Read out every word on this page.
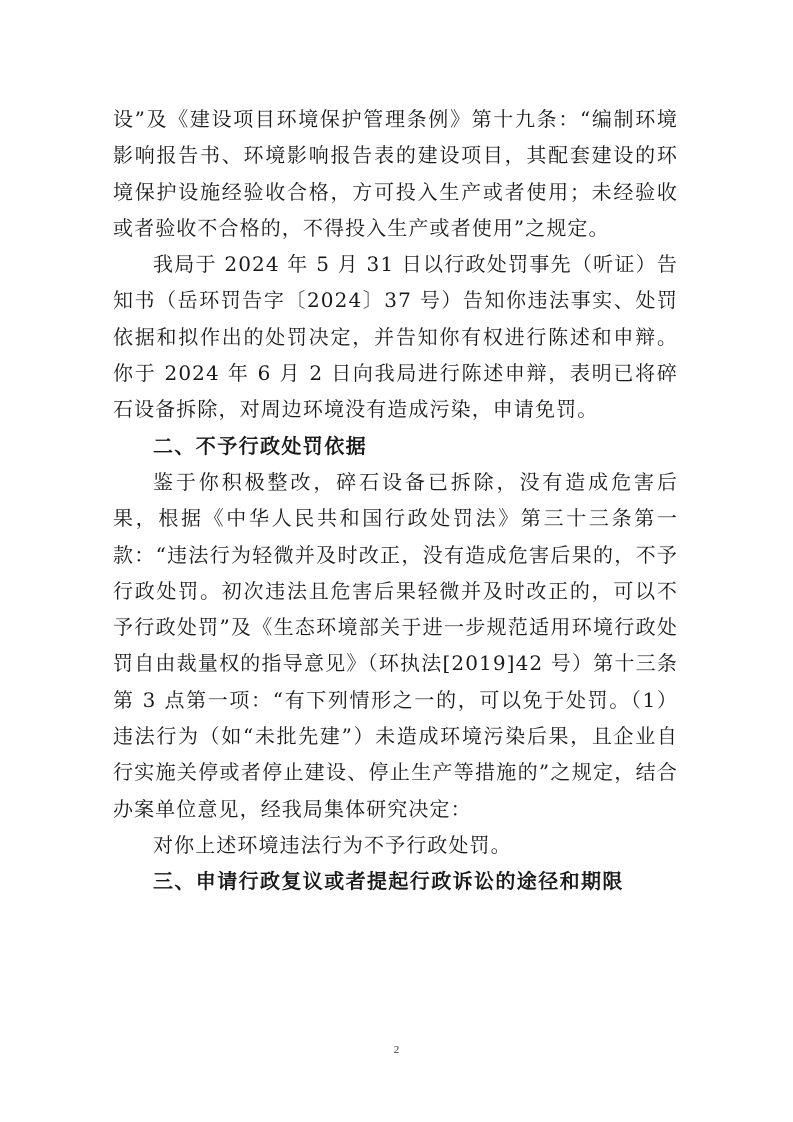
设”及《建设项目环境保护管理条例》第十九条：“编制环境影响报告书、环境影响报告表的建设项目，其配套建设的环境保护设施经验收合格，方可投入生产或者使用；未经验收或者验收不合格的，不得投入生产或者使用”之规定。

我局于 2024 年 5 月 31 日以行政处罚事先（听证）告知书（岳环罚告字〔2024〕37 号）告知你违法事实、处罚依据和拟作出的处罚决定，并告知你有权进行陈述和申辩。你于 2024 年 6 月 2 日向我局进行陈述申辩，表明已将碎石设备拆除，对周边环境没有造成污染，申请免罚。

二、不予行政处罚依据

鉴于你积极整改，碎石设备已拆除，没有造成危害后果，根据《中华人民共和国行政处罚法》第三十三条第一款：“违法行为轻微并及时改正，没有造成危害后果的，不予行政处罚。初次违法且危害后果轻微并及时改正的，可以不予行政处罚”及《生态环境部关于进一步规范适用环境行政处罚自由裁量权的指导意见》（环执法[2019]42 号）第十三条第 3 点第一项：“有下列情形之一的，可以免于处罚。（1）违法行为（如“未批先建”）未造成环境污染后果，且企业自行实施关停或者停止建设、停止生产等措施的”之规定，结合办案单位意见，经我局集体研究决定：

对你上述环境违法行为不予行政处罚。

三、申请行政复议或者提起行政诉讼的途径和期限

2
